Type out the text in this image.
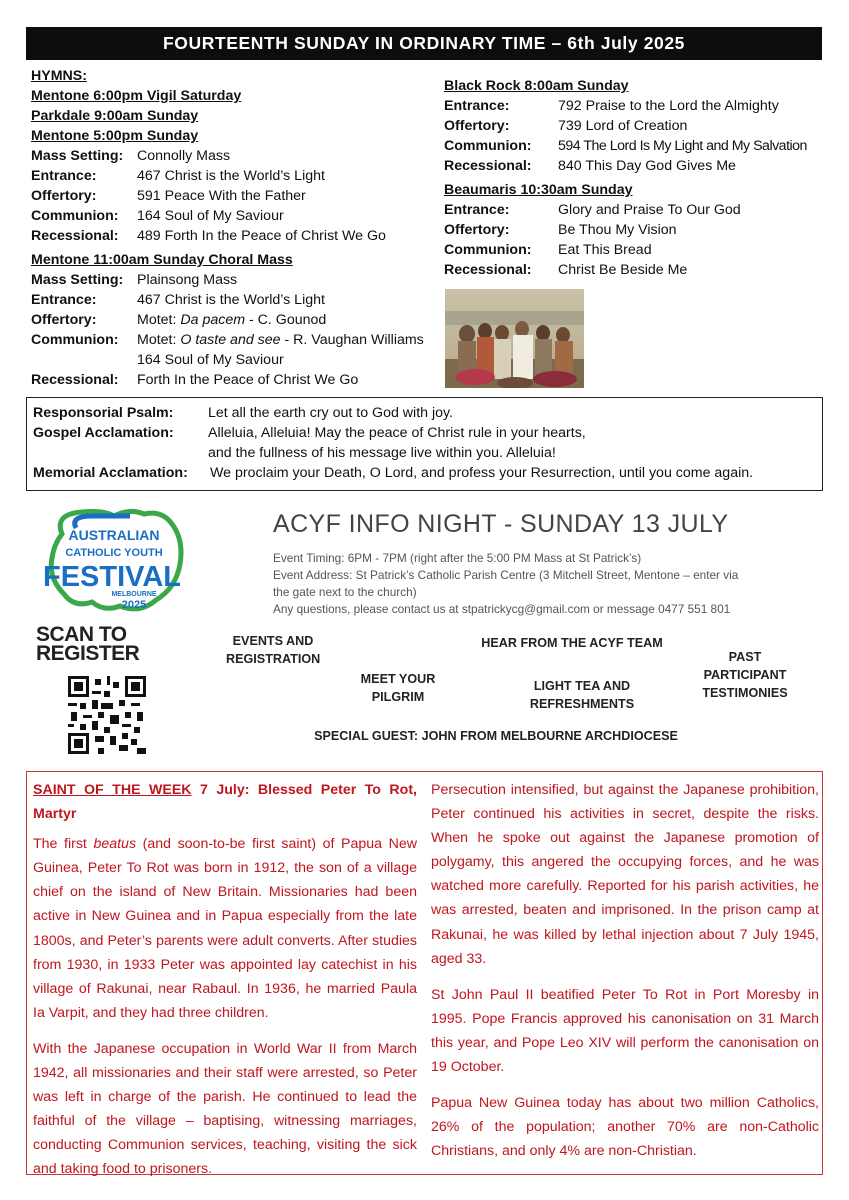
FOURTEENTH SUNDAY IN ORDINARY TIME – 6th July 2025
HYMNS:
Mentone 6:00pm Vigil Saturday
Parkdale 9:00am Sunday
Mentone 5:00pm Sunday
Mass Setting: Connolly Mass
Entrance:	467 Christ is the World’s Light
Offertory:	591 Peace With the Father
Communion:	164 Soul of My Saviour
Recessional:	489 Forth In the Peace of Christ We Go
Mentone 11:00am Sunday Choral Mass
Mass Setting: Plainsong Mass
Entrance:	467 Christ is the World’s Light
Offertory:	Motet: Da pacem - C. Gounod
Communion:	Motet: O taste and see - R. Vaughan Williams
164 Soul of My Saviour
Recessional:	Forth In the Peace of Christ We Go
Black Rock 8:00am Sunday
Entrance:	792 Praise to the Lord the Almighty
Offertory:	739 Lord of Creation
Communion:	594 The Lord Is My Light and My Salvation
Recessional:	840 This Day God Gives Me
Beaumaris 10:30am Sunday
Entrance:	Glory and Praise To Our God
Offertory:	Be Thou My Vision
Communion:	Eat This Bread
Recessional:	Christ Be Beside Me
Responsorial Psalm:	Let all the earth cry out to God with joy.
Gospel Acclamation:	Alleluia, Alleluia! May the peace of Christ rule in your hearts,
and the fullness of his message live within you. Alleluia!
Memorial Acclamation:	We proclaim your Death, O Lord, and profess your Resurrection, until you come again.
AUSTRALIAN
CATHOLIC YOUTH
FESTIVAL
MELBOURNE
2025
SCAN TO
REGISTER
ACYF INFO NIGHT - SUNDAY 13 JULY
Event Timing: 6PM - 7PM (right after the 5:00 PM Mass at St Patrick’s)
Event Address: St Patrick’s Catholic Parish Centre (3 Mitchell Street, Mentone – enter via
the gate next to the church)
Any questions, please contact us at stpatrickycg@gmail.com or message 0477 551 801
EVENTS AND
REGISTRATION
HEAR FROM THE ACYF TEAM
PAST
PARTICIPANT
TESTIMONIES
MEET YOUR
PILGRIM
LIGHT TEA AND
REFRESHMENTS
SPECIAL GUEST: JOHN FROM MELBOURNE ARCHDIOCESE

SAINT OF THE WEEK 7 July: Blessed Peter To Rot, Martyr

The first beatus (and soon-to-be first saint) of Papua New Guinea, Peter To Rot was born in 1912, the son of a village chief on the island of New Britain. Missionaries had been active in New Guinea and in Papua especially from the late 1800s, and Peter’s parents were adult converts. After studies from 1930, in 1933 Peter was appointed lay catechist in his village of Rakunai, near Rabaul. In 1936, he married Paula Ia Varpit, and they had three children.

With the Japanese occupation in World War II from March 1942, all missionaries and their staff were arrested, so Peter was left in charge of the parish. He continued to lead the faithful of the village – baptising, witnessing marriages, conducting Communion services, teaching, visiting the sick and taking food to prisoners.

Persecution intensified, but against the Japanese prohibition, Peter continued his activities in secret, despite the risks. When he spoke out against the Japanese promotion of polygamy, this angered the occupying forces, and he was watched more carefully. Reported for his parish activities, he was arrested, beaten and imprisoned. In the prison camp at Rakunai, he was killed by lethal injection about 7 July 1945, aged 33.

St John Paul II beatified Peter To Rot in Port Moresby in 1995. Pope Francis approved his canonisation on 31 March this year, and Pope Leo XIV will perform the canonisation on 19 October.

Papua New Guinea today has about two million Catholics, 26% of the population; another 70% are non-Catholic Christians, and only 4% are non-Christian.
